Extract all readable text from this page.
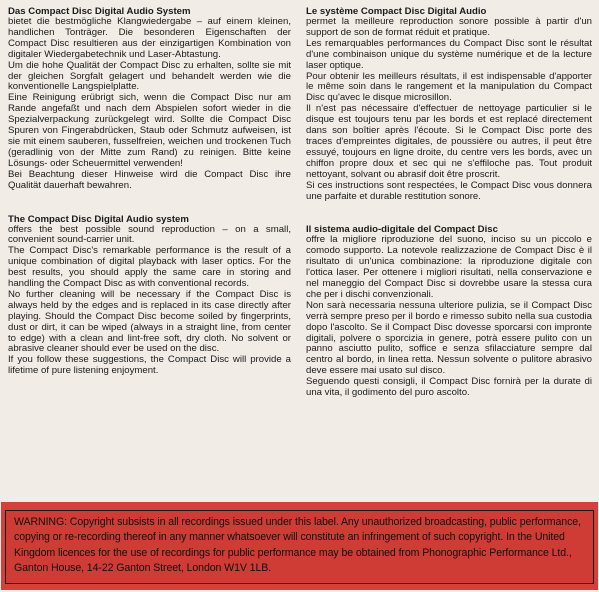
Das Compact Disc Digital Audio System

bietet die bestmögliche Klangwiedergabe – auf einem kleinen, handlichen Tonträger. Die besonderen Eigenschaften der Compact Disc resultieren aus der einzigartigen Kombination von digitaler Wiedergabetechnik und Laser-Abtastung.

Um die hohe Qualität der Compact Disc zu erhalten, sollte sie mit der gleichen Sorgfalt gelagert und behandelt werden wie die konventionelle Langspielplatte.

Eine Reinigung erübrigt sich, wenn die Compact Disc nur am Rande angefaßt und nach dem Abspielen sofort wieder in die Spezialverpackung zurückgelegt wird. Sollte die Compact Disc Spuren von Fingerabdrücken, Staub oder Schmutz aufweisen, ist sie mit einem sauberen, fusselfreien, weichen und trockenen Tuch (geradlinig von der Mitte zum Rand) zu reinigen. Bitte keine Lösungs- oder Scheuermittel verwenden!

Bei Beachtung dieser Hinweise wird die Compact Disc ihre Qualität dauerhaft bewahren.

The Compact Disc Digital Audio system

offers the best possible sound reproduction – on a small, convenient sound-carrier unit.

The Compact Disc's remarkable performance is the result of a unique combination of digital playback with laser optics. For the best results, you should apply the same care in storing and handling the Compact Disc as with conventional records.

No further cleaning will be necessary if the Compact Disc is always held by the edges and is replaced in its case directly after playing. Should the Compact Disc become soiled by fingerprints, dust or dirt, it can be wiped (always in a straight line, from center to edge) with a clean and lint-free soft, dry cloth. No solvent or abrasive cleaner should ever be used on the disc.

If you follow these suggestions, the Compact Disc will provide a lifetime of pure listening enjoyment.

Le système Compact Disc Digital Audio

permet la meilleure reproduction sonore possible à partir d'un support de son de format réduit et pratique.

Les remarquables performances du Compact Disc sont le résultat d'une combinaison unique du système numérique et de la lecture laser optique.

Pour obtenir les meilleurs résultats, il est indispensable d'apporter le même soin dans le rangement et la manipulation du Compact Disc qu'avec le disque microsillon.

Il n'est pas nécessaire d'effectuer de nettoyage particulier si le disque est toujours tenu par les bords et est replacé directement dans son boîtier après l'écoute. Si le Compact Disc porte des traces d'empreintes digitales, de poussière ou autres, il peut être essuyé, toujours en ligne droite, du centre vers les bords, avec un chiffon propre doux et sec qui ne s'effiloche pas. Tout produit nettoyant, solvant ou abrasif doit être proscrit.

Si ces instructions sont respectées, le Compact Disc vous donnera une parfaite et durable restitution sonore.

Il sistema audio-digitale del Compact Disc

offre la migliore riproduzione del suono, inciso su un piccolo e comodo supporto. La notevole realizzazione de Compact Disc è il risultato di un'unica combinazione: la riproduzione digitale con l'ottica laser. Per ottenere i migliori risultati, nella conservazione e nel maneggio del Compact Disc si dovrebbe usare la stessa cura che per i dischi convenzionali.

Non sarà necessaria nessuna ulteriore pulizia, se il Compact Disc verrà sempre preso per il bordo e rimesso subito nella sua custodia dopo l'ascolto. Se il Compact Disc dovesse sporcarsi con impronte digitali, polvere o sporcizia in genere, potrà essere pulito con un panno asciutto pulito, soffice e senza sfilacciature sempre dal centro al bordo, in linea retta. Nessun solvente o pulitore abrasivo deve essere mai usato sul disco.

Seguendo questi consigli, il Compact Disc fornirà per la durate di una vita, il godimento del puro ascolto.

WARNING: Copyright subsists in all recordings issued under this label. Any unauthorized broadcasting, public performance, copying or re-recording thereof in any manner whatsoever will constitute an infringement of such copyright. In the United Kingdom licences for the use of recordings for public performance may be obtained from Phonographic Performance Ltd., Ganton House, 14-22 Ganton Street, London W1V 1LB.
